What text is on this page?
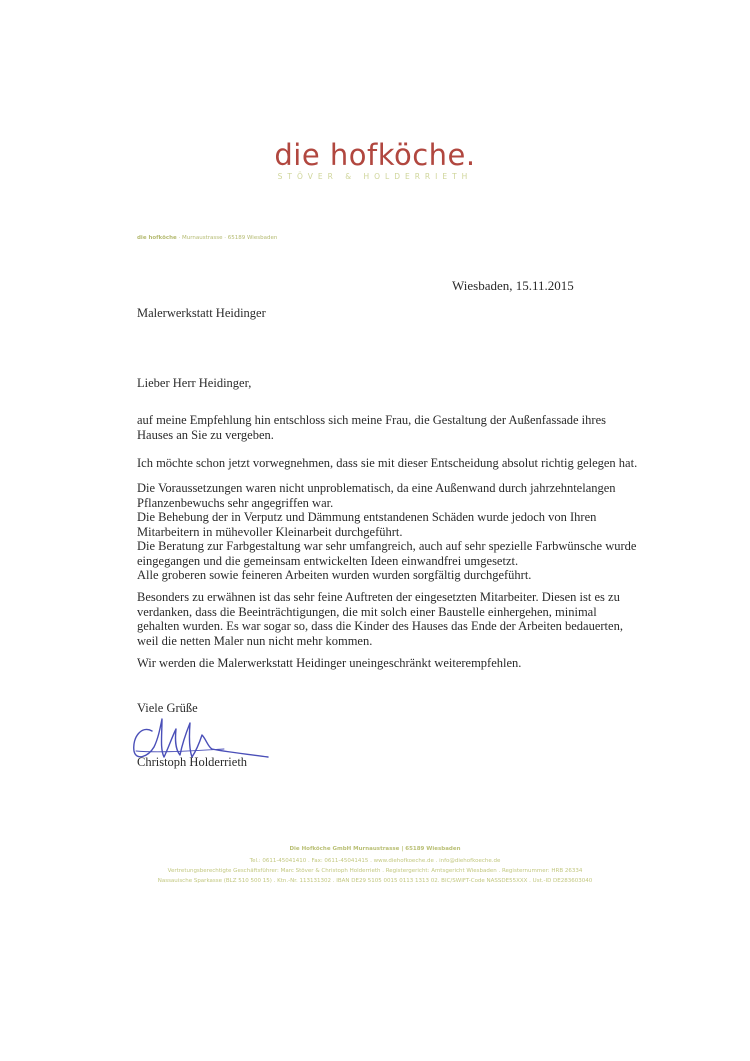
die hofköche.
STÖVER & HOLDERRIETH
die hofköche · Murnaustrasse · 65189 Wiesbaden
Wiesbaden, 15.11.2015
Malerwerkstatt Heidinger
Lieber Herr Heidinger,
auf meine Empfehlung hin entschloss sich meine Frau, die Gestaltung der Außenfassade ihres
Hauses an Sie zu vergeben.
Ich möchte schon jetzt vorwegnehmen, dass sie mit dieser Entscheidung absolut richtig gelegen hat.
Die Voraussetzungen waren nicht unproblematisch, da eine Außenwand durch jahrzehntelangen
Pflanzenbewuchs sehr angegriffen war.
Die Behebung der in Verputz und Dämmung entstandenen Schäden wurde jedoch von Ihren
Mitarbeitern in mühevoller Kleinarbeit durchgeführt.
Die Beratung zur Farbgestaltung war sehr umfangreich, auch auf sehr spezielle Farbwünsche wurde
eingegangen und die gemeinsam entwickelten Ideen einwandfrei umgesetzt.
Alle groberen sowie feineren Arbeiten wurden wurden sorgfältig durchgeführt.
Besonders zu erwähnen ist das sehr feine Auftreten der eingesetzten Mitarbeiter. Diesen ist es zu
verdanken, dass die Beeinträchtigungen, die mit solch einer Baustelle einhergehen, minimal
gehalten wurden. Es war sogar so, dass die Kinder des Hauses das Ende der Arbeiten bedauerten,
weil die netten Maler nun nicht mehr kommen.
Wir werden die Malerwerkstatt Heidinger uneingeschränkt weiterempfehlen.
Viele Grüße
Christoph Holderrieth
Die Hofköche GmbH Murnaustrasse | 65189 Wiesbaden
Tel.: 0611-45041410 . Fax: 0611-45041415 . www.diehofkoeche.de . info@diehofkoeche.de
Vertretungsberechtigte Geschäftsführer: Marc Stöver & Christoph Holderrieth . Registergericht: Amtsgericht Wiesbaden . Registernummer: HRB 26334
Nassauische Sparkasse (BLZ 510 500 15) . Ktn.-Nr. 113131302 . IBAN DE29 5105 0015 0113 1313 02. BIC/SWIFT-Code NASSDE55XXX . Ust.-ID DE283603040
